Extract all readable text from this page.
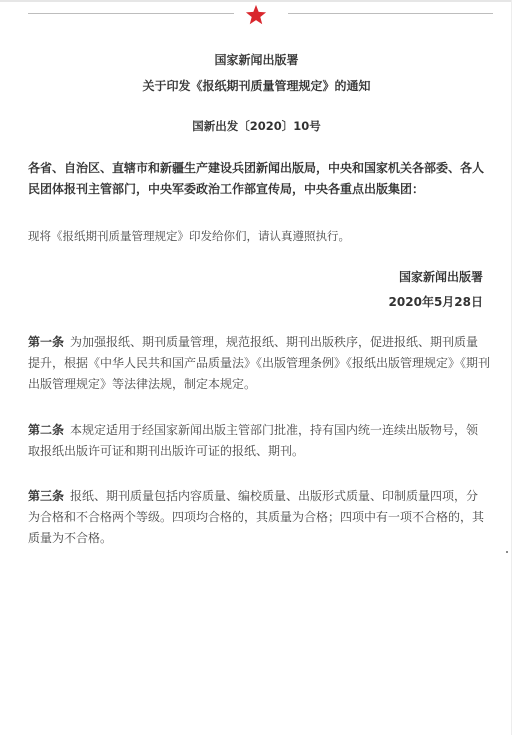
国家新闻出版署
关于印发《报纸期刊质量管理规定》的通知
国新出发〔2020〕10号
各省、自治区、直辖市和新疆生产建设兵团新闻出版局，中央和国家机关各部委、各人民团体报刊主管部门，中央军委政治工作部宣传局，中央各重点出版集团：
现将《报纸期刊质量管理规定》印发给你们，请认真遵照执行。
国家新闻出版署
2020年5月28日
第一条 为加强报纸、期刊质量管理，规范报纸、期刊出版秩序，促进报纸、期刊质量提升，根据《中华人民共和国产品质量法》《出版管理条例》《报纸出版管理规定》《期刊出版管理规定》等法律法规，制定本规定。
第二条 本规定适用于经国家新闻出版主管部门批准，持有国内统一连续出版物号，领取报纸出版许可证和期刊出版许可证的报纸、期刊。
第三条 报纸、期刊质量包括内容质量、编校质量、出版形式质量、印制质量四项，分为合格和不合格两个等级。四项均合格的，其质量为合格；四项中有一项不合格的，其质量为不合格。
